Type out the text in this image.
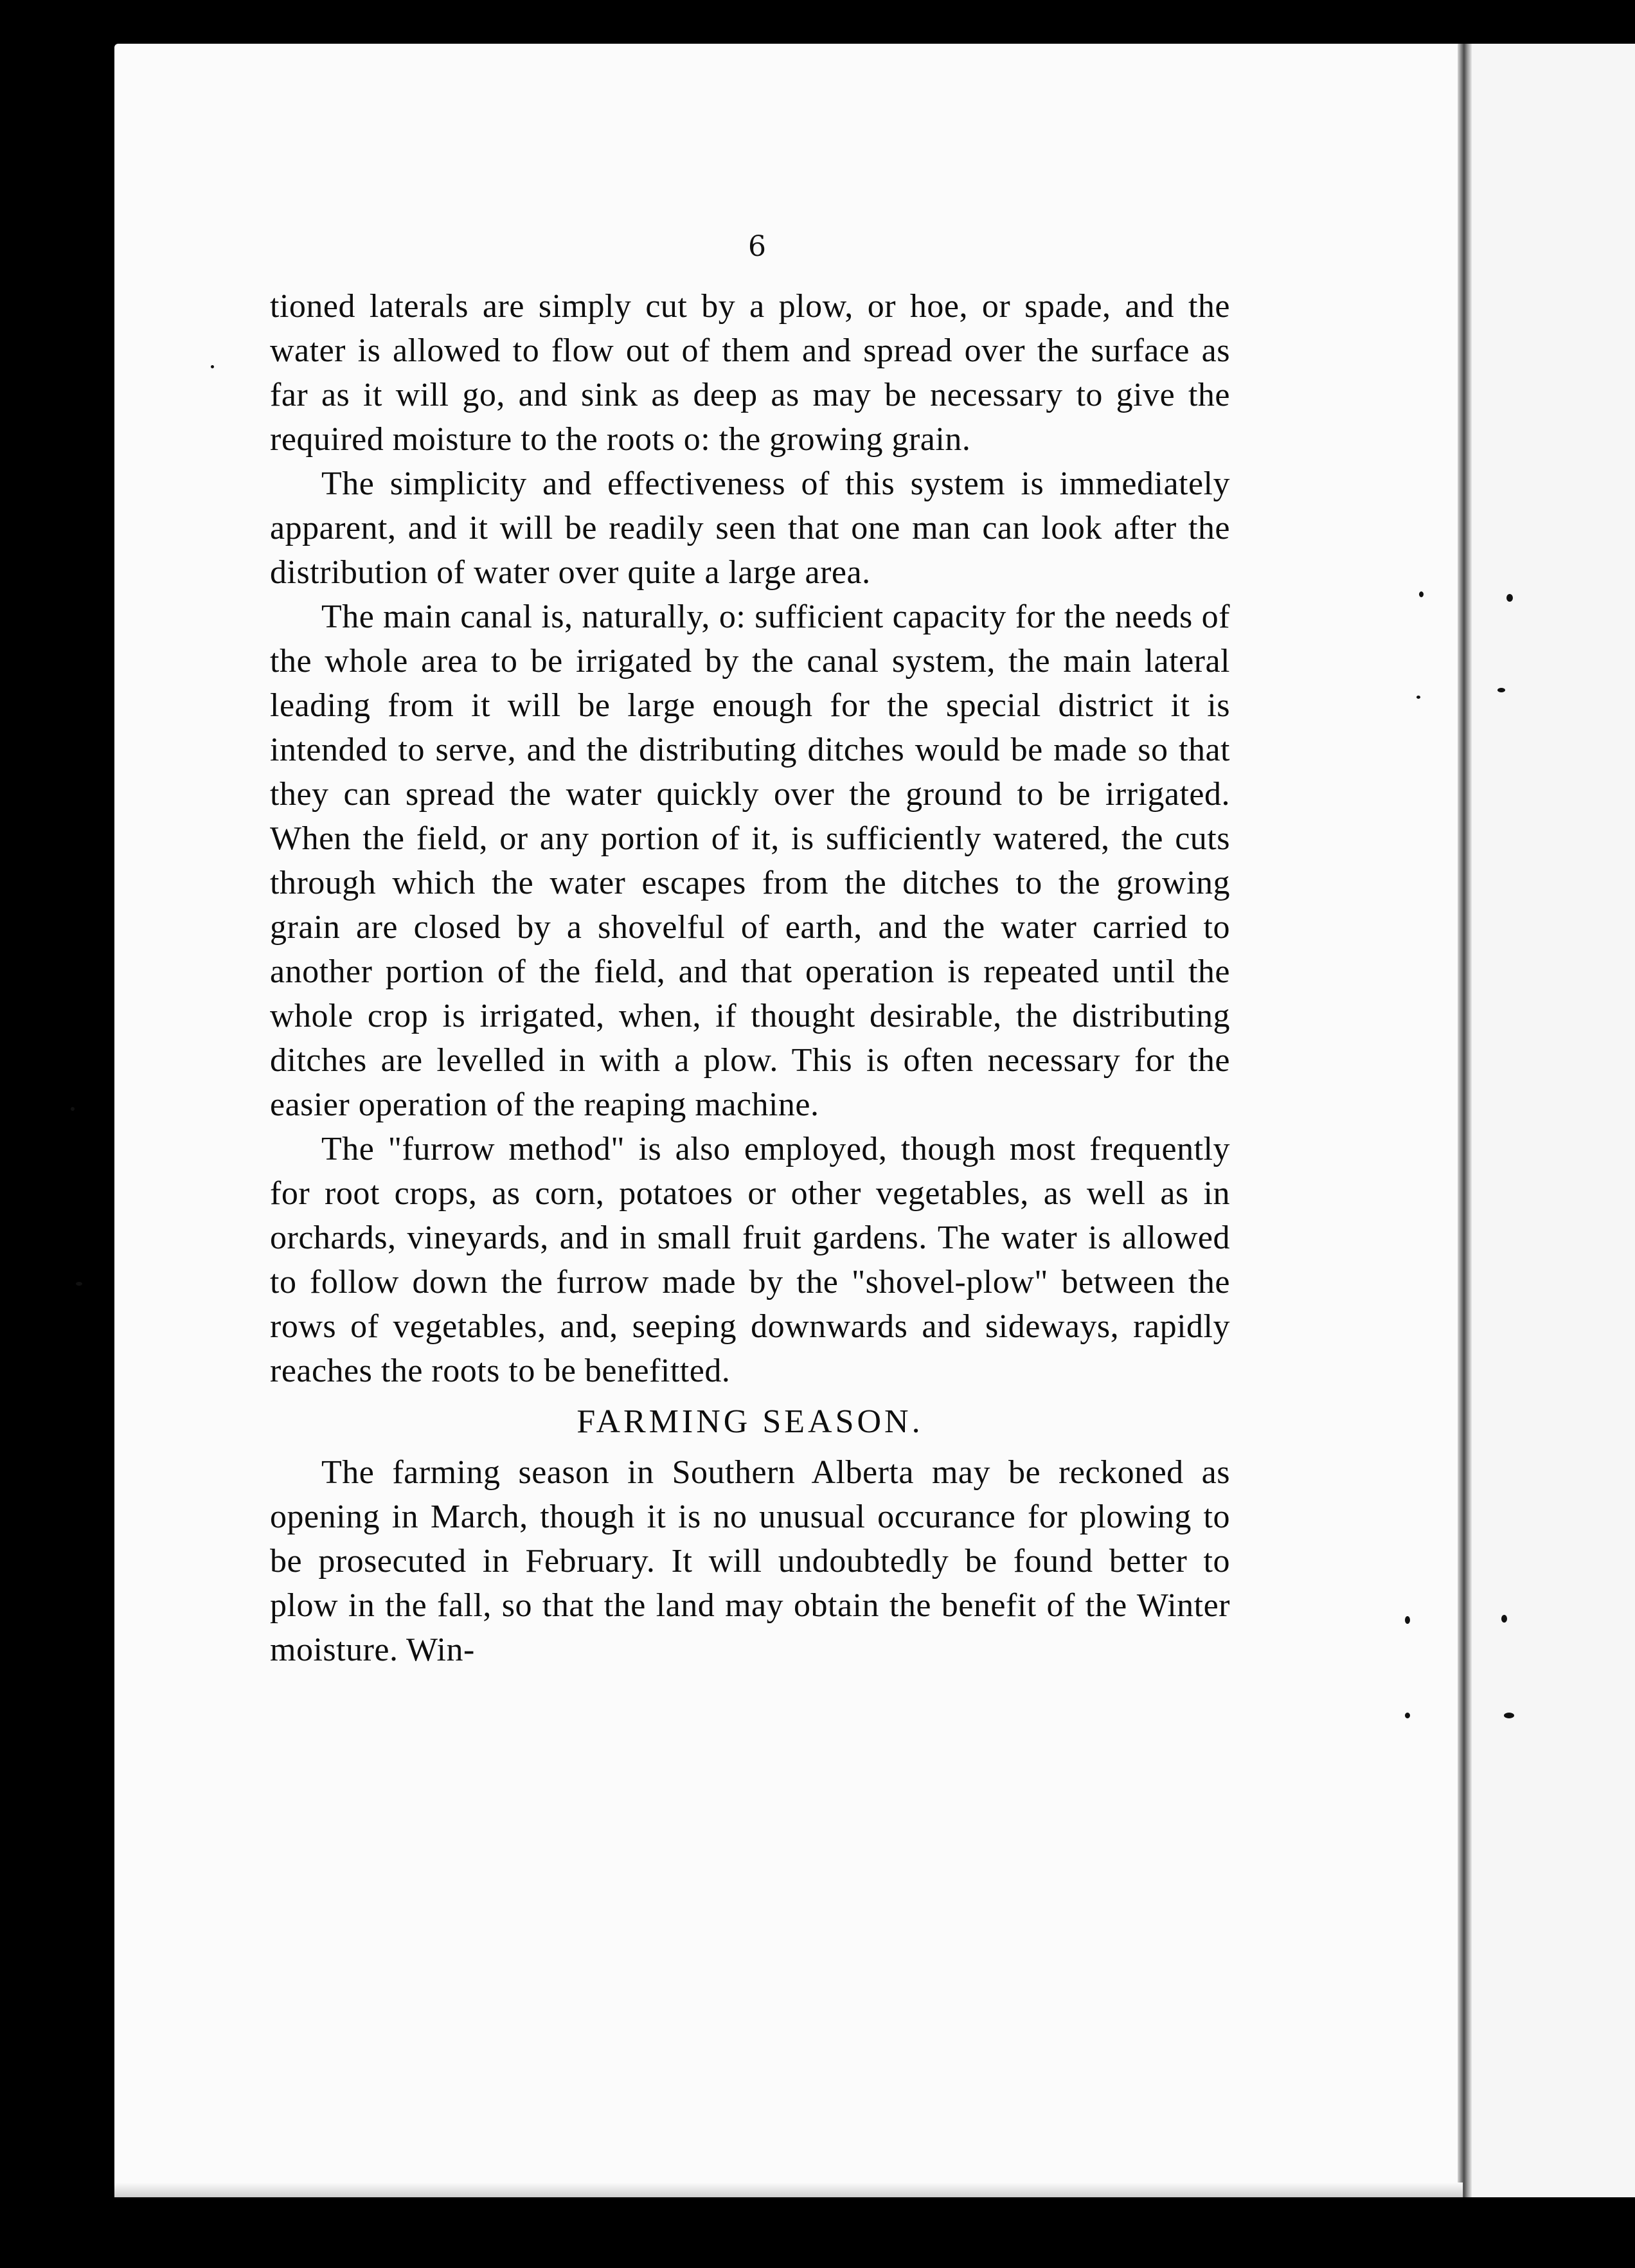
6

tioned laterals are simply cut by a plow, or hoe, or spade, and the water is allowed to flow out of them and spread over the surface as far as it will go, and sink as deep as may be necessary to give the required moisture to the roots o: the growing grain.

The simplicity and effectiveness of this system is immediately apparent, and it will be readily seen that one man can look after the distribution of water over quite a large area.

The main canal is, naturally, o: sufficient capacity for the needs of the whole area to be irrigated by the canal system, the main lateral leading from it will be large enough for the special district it is intended to serve, and the distributing ditches would be made so that they can spread the water quickly over the ground to be irrigated. When the field, or any portion of it, is sufficiently watered, the cuts through which the water escapes from the ditches to the growing grain are closed by a shovelful of earth, and the water carried to another portion of the field, and that operation is repeated until the whole crop is irrigated, when, if thought desirable, the distributing ditches are levelled in with a plow. This is often necessary for the easier operation of the reaping machine.

The "furrow method" is also employed, though most frequently for root crops, as corn, potatoes or other vegetables, as well as in orchards, vineyards, and in small fruit gardens. The water is allowed to follow down the furrow made by the "shovel-plow" between the rows of vegetables, and, seeping downwards and sideways, rapidly reaches the roots to be benefitted.

FARMING SEASON.

The farming season in Southern Alberta may be reckoned as opening in March, though it is no unusual occurance for plowing to be prosecuted in February. It will undoubtedly be found better to plow in the fall, so that the land may obtain the benefit of the Winter moisture. Win-
